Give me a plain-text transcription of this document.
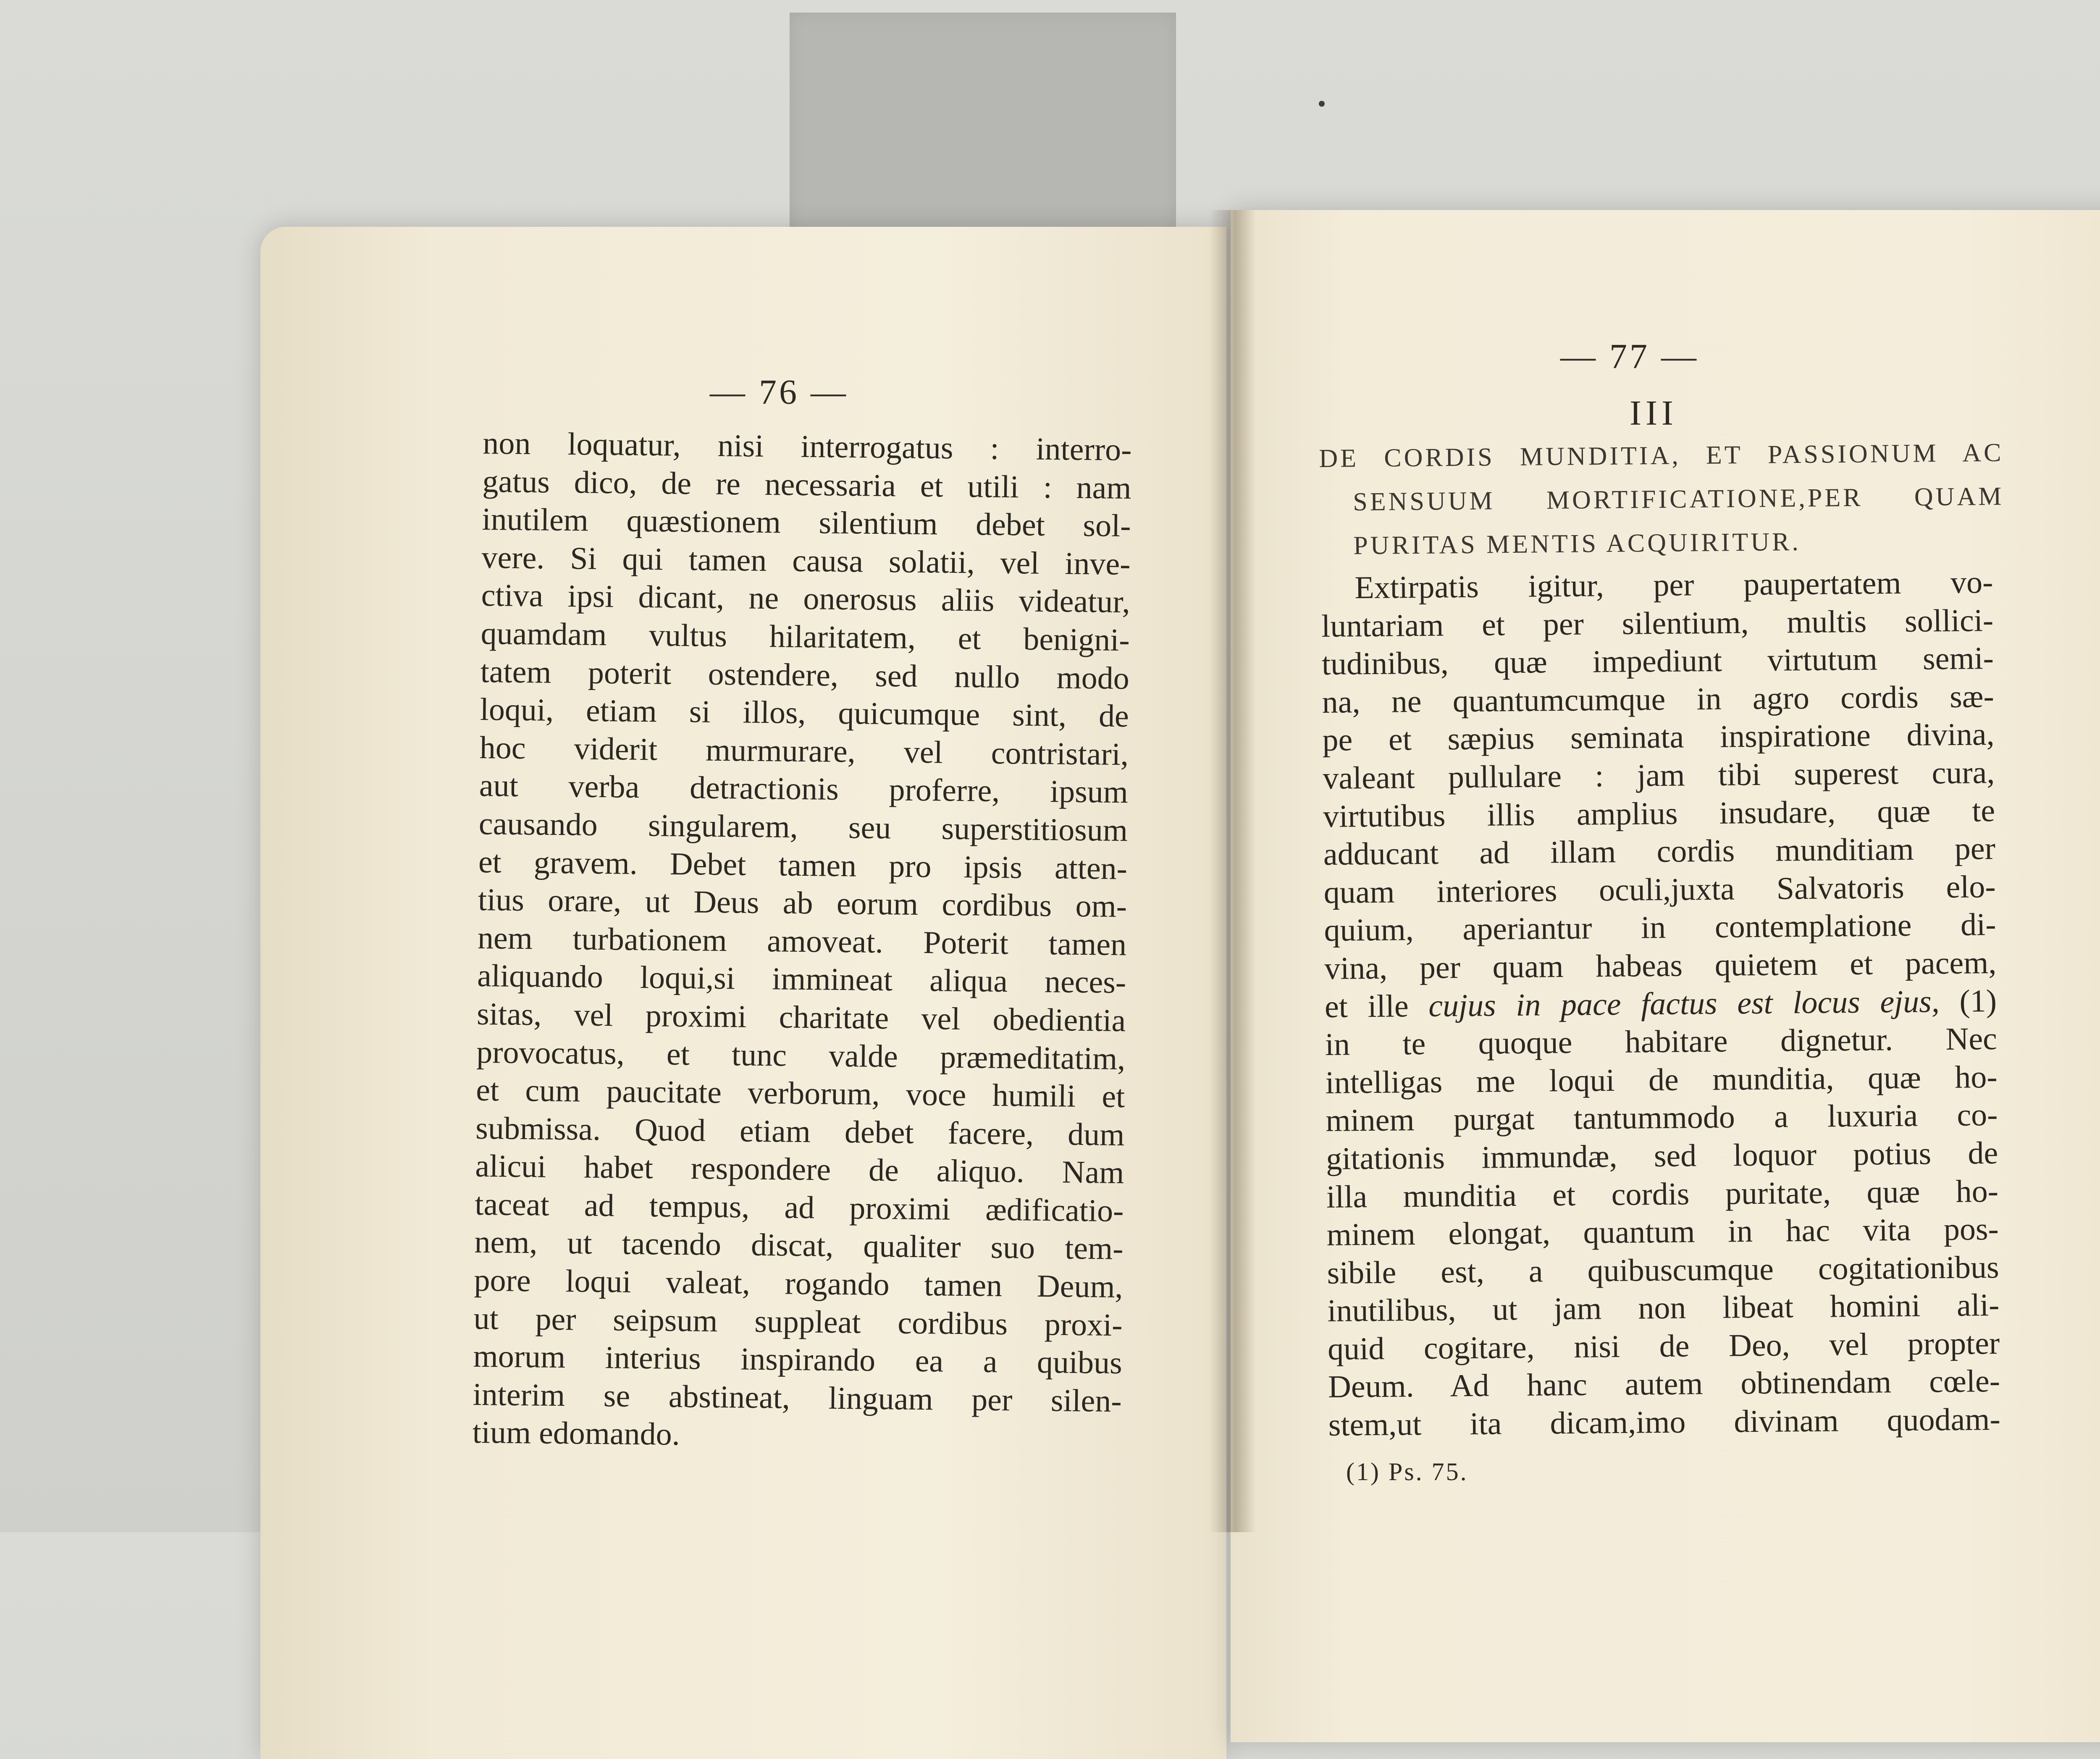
— 76 —
non loquatur, nisi interrogatus : interro-
gatus dico, de re necessaria et utili : nam
inutilem quæstionem silentium debet sol-
vere. Si qui tamen causa solatii, vel inve-
ctiva ipsi dicant, ne onerosus aliis videatur,
quamdam vultus hilaritatem, et benigni-
tatem poterit ostendere, sed nullo modo
loqui, etiam si illos, quicumque sint, de
hoc viderit murmurare, vel contristari,
aut verba detractionis proferre, ipsum
causando singularem, seu superstitiosum
et gravem. Debet tamen pro ipsis atten-
tius orare, ut Deus ab eorum cordibus om-
nem turbationem amoveat. Poterit tamen
aliquando loqui,si immineat aliqua neces-
sitas, vel proximi charitate vel obedientia
provocatus, et tunc valde præmeditatim,
et cum paucitate verborum, voce humili et
submissa. Quod etiam debet facere, dum
alicui habet respondere de aliquo. Nam
taceat ad tempus, ad proximi ædificatio-
nem, ut tacendo discat, qualiter suo tem-
pore loqui valeat, rogando tamen Deum,
ut per seipsum suppleat cordibus proxi-
morum interius inspirando ea a quibus
interim se abstineat, linguam per silen-
tium edomando.
— 77 —
III
DE CORDIS MUNDITIA, ET PASSIONUM AC
SENSUUM MORTIFICATIONE,PER QUAM
PURITAS MENTIS ACQUIRITUR.
Extirpatis igitur, per paupertatem vo-
luntariam et per silentium, multis sollici-
tudinibus, quæ impediunt virtutum semi-
na, ne quantumcumque in agro cordis sæ-
pe et sæpius seminata inspiratione divina,
valeant pullulare : jam tibi superest cura,
virtutibus illis amplius insudare, quæ te
adducant ad illam cordis munditiam per
quam interiores oculi,juxta Salvatoris elo-
quium, aperiantur in contemplatione di-
vina, per quam habeas quietem et pacem,
et ille cujus in pace factus est locus ejus, (1)
in te quoque habitare dignetur. Nec
intelligas me loqui de munditia, quæ ho-
minem purgat tantummodo a luxuria co-
gitationis immundæ, sed loquor potius de
illa munditia et cordis puritate, quæ ho-
minem elongat, quantum in hac vita pos-
sibile est, a quibuscumque cogitationibus
inutilibus, ut jam non libeat homini ali-
quid cogitare, nisi de Deo, vel propter
Deum. Ad hanc autem obtinendam cœle-
stem,ut ita dicam,imo divinam quodam-
(1) Ps. 75.
